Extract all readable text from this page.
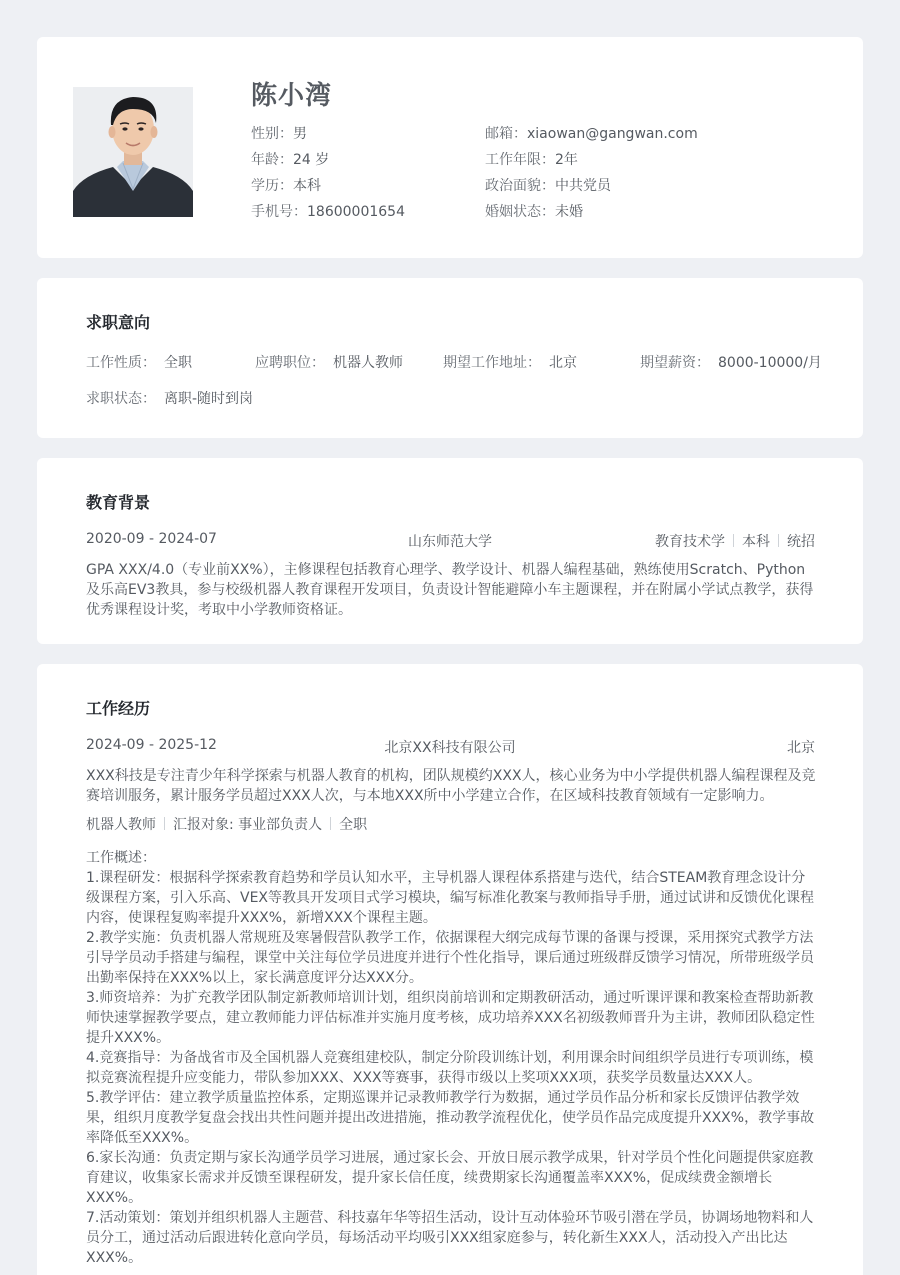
陈小湾
性别：男
年龄：24 岁
学历：本科
手机号：18600001654
邮箱：xiaowan@gangwan.com
工作年限：2年
政治面貌：中共党员
婚姻状态：未婚
求职意向
工作性质： 全职	应聘职位： 机器人教师	期望工作地址： 北京	期望薪资： 8000-10000/月
求职状态： 离职-随时到岗
教育背景
2020-09 - 2024-07	山东师范大学	教育技术学 本科 统招
GPA XXX/4.0（专业前XX%），主修课程包括教育心理学、教学设计、机器人编程基础，熟练使用Scratch、Python及乐高EV3教具，参与校级机器人教育课程开发项目，负责设计智能避障小车主题课程，并在附属小学试点教学，获得优秀课程设计奖，考取中小学教师资格证。
工作经历
2024-09 - 2025-12	北京XX科技有限公司	北京
XXX科技是专注青少年科学探索与机器人教育的机构，团队规模约XXX人，核心业务为中小学提供机器人编程课程及竞赛培训服务，累计服务学员超过XXX人次，与本地XXX所中小学建立合作，在区域科技教育领域有一定影响力。
机器人教师 汇报对象: 事业部负责人 全职
工作概述：
1.课程研发：根据科学探索教育趋势和学员认知水平，主导机器人课程体系搭建与迭代，结合STEAM教育理念设计分级课程方案，引入乐高、VEX等教具开发项目式学习模块，编写标准化教案与教师指导手册，通过试讲和反馈优化课程内容，使课程复购率提升XXX%，新增XXX个课程主题。
2.教学实施：负责机器人常规班及寒暑假营队教学工作，依据课程大纲完成每节课的备课与授课，采用探究式教学方法引导学员动手搭建与编程，课堂中关注每位学员进度并进行个性化指导，课后通过班级群反馈学习情况，所带班级学员出勤率保持在XXX%以上，家长满意度评分达XXX分。
3.师资培养：为扩充教学团队制定新教师培训计划，组织岗前培训和定期教研活动，通过听课评课和教案检查帮助新教师快速掌握教学要点，建立教师能力评估标准并实施月度考核，成功培养XXX名初级教师晋升为主讲，教师团队稳定性提升XXX%。
4.竞赛指导：为备战省市及全国机器人竞赛组建校队，制定分阶段训练计划，利用课余时间组织学员进行专项训练，模拟竞赛流程提升应变能力，带队参加XXX、XXX等赛事，获得市级以上奖项XXX项，获奖学员数量达XXX人。
5.教学评估：建立教学质量监控体系，定期巡课并记录教师教学行为数据，通过学员作品分析和家长反馈评估教学效果，组织月度教学复盘会找出共性问题并提出改进措施，推动教学流程优化，使学员作品完成度提升XXX%，教学事故率降低至XXX%。
6.家长沟通：负责定期与家长沟通学员学习进展，通过家长会、开放日展示教学成果，针对学员个性化问题提供家庭教育建议，收集家长需求并反馈至课程研发，提升家长信任度，续费期家长沟通覆盖率XXX%，促成续费金额增长XXX%。
7.活动策划：策划并组织机器人主题营、科技嘉年华等招生活动，设计互动体验环节吸引潜在学员，协调场地物料和人员分工，通过活动后跟进转化意向学员，每场活动平均吸引XXX组家庭参与，转化新生XXX人，活动投入产出比达XXX%。
